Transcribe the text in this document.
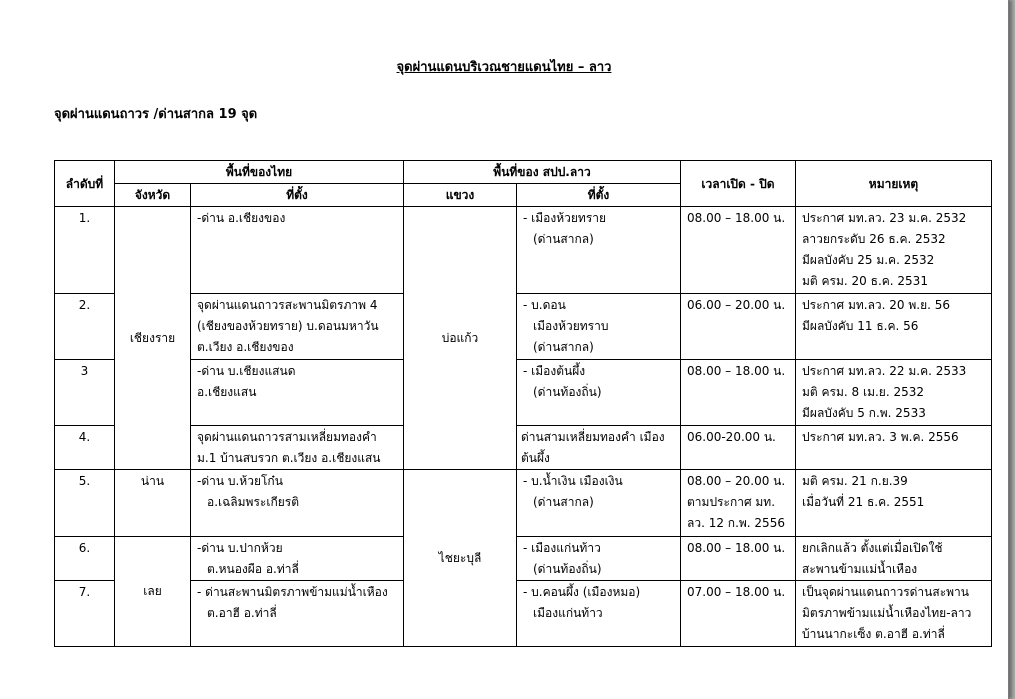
จุดผ่านแดนบริเวณชายแดนไทย – ลาว
จุดผ่านแดนถาวร /ด่านสากล 19 จุด
ลำดับที่	พื้นที่ของไทย		พื้นที่ของ สปป.ลาว		เวลาเปิด - ปิด	หมายเหตุ
	จังหวัด	ที่ตั้ง	แขวง	ที่ตั้ง		
1.	เชียงราย	-ด่าน อ.เชียงของ	บ่อแก้ว	- เมืองห้วยทราย
(ด่านสากล)	08.00 – 18.00 น.	ประกาศ มท.ลว. 23 ม.ค. 2532
ลาวยกระดับ 26 ธ.ค. 2532
มีผลบังคับ 25 ม.ค. 2532
มติ ครม. 20 ธ.ค. 2531

2.		จุดผ่านแดนถาวรสะพานมิตรภาพ 4
(เชียงของห้วยทราย) บ.ดอนมหาวัน
ต.เวียง อ.เชียงของ		- บ.ดอน
เมืองห้วยทราบ
(ด่านสากล)	06.00 – 20.00 น.	ประกาศ มท.ลว. 20 พ.ย. 56
มีผลบังคับ 11 ธ.ค. 56

3		-ด่าน บ.เชียงแสนด
อ.เชียงแสน		- เมืองต้นผึ้ง
(ด่านท้องถิ่น)	08.00 – 18.00 น.	ประกาศ มท.ลว. 22 ม.ค. 2533
มติ ครม. 8 เม.ย. 2532
มีผลบังคับ 5 ก.พ. 2533

4.		จุดผ่านแดนถาวรสามเหลี่ยมทองคำ
ม.1 บ้านสบรวก ต.เวียง อ.เชียงแสน		ด่านสามเหลี่ยมทองคำ เมือง
ต้นผึ้ง	06.00-20.00 น.	ประกาศ มท.ลว. 3 พ.ค. 2556

5.	น่าน	-ด่าน บ.ห้วยโก๋น
อ.เฉลิมพระเกียรติ	ไชยะบุลี	- บ.น้ำเงิน เมืองเงิน
(ด่านสากล)	08.00 – 20.00 น.
ตามประกาศ มท.
ลว. 12 ก.พ. 2556	มติ ครม. 21 ก.ย.39
เมื่อวันที่ 21 ธ.ค. 2551

6.	เลย	-ด่าน บ.ปากห้วย
ต.หนองผือ อ.ท่าลี่		- เมืองแก่นท้าว
(ด่านท้องถิ่น)	08.00 – 18.00 น.	ยกเลิกแล้ว ตั้งแต่เมื่อเปิดใช้
สะพานข้ามแม่น้ำเหือง

7.		- ด่านสะพานมิตรภาพข้ามแม่น้ำเหือง
ต.อาฮี อ.ท่าลี่		- บ.คอนผึ้ง (เมืองหมอ)
เมืองแก่นท้าว	07.00 – 18.00 น.	เป็นจุดผ่านแดนถาวรด่านสะพาน
มิตรภาพข้ามแม่น้ำเหืองไทย-ลาว
บ้านนากะเซ็ง ต.อาฮี อ.ท่าลี่
